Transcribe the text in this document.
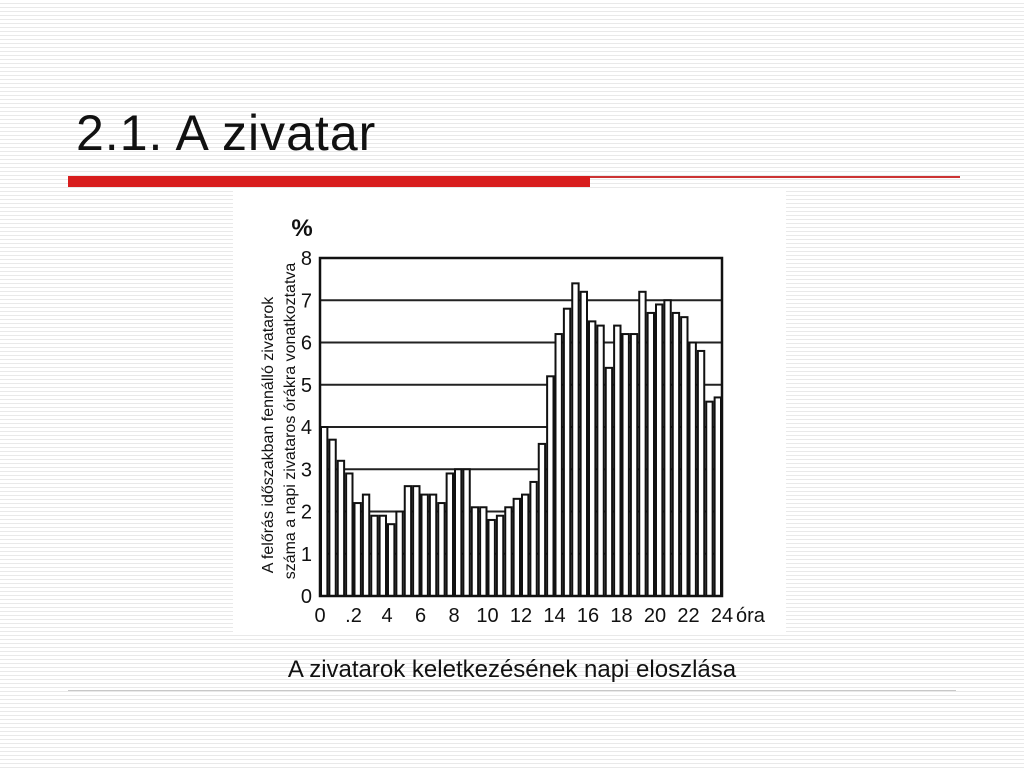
2.1. A zivatar
0
1
2
3
4
5
6
7
8
0 .2 4 6 8 10 12 14 16 18 20 22 24 óra
%
A felőrás időszakban fennálló zivatarok száma a napi zivataros órákra vonatkoztatva
A zivatarok keletkezésének napi eloszlása
